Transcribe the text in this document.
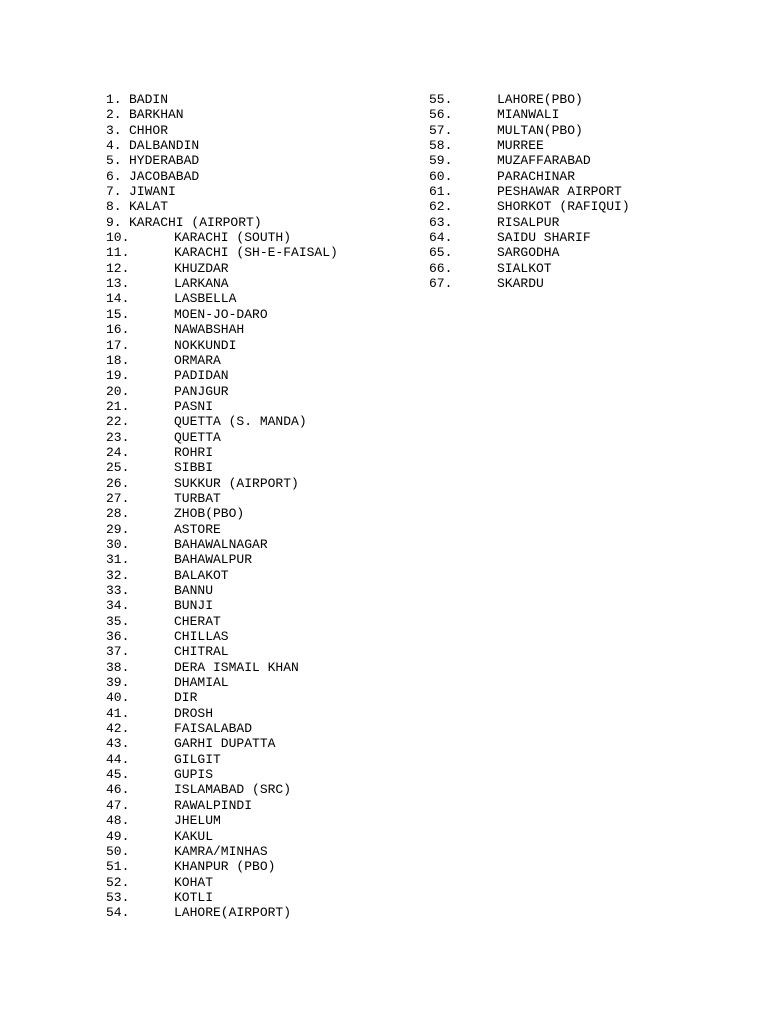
1. BADIN
2. BARKHAN
3. CHHOR
4. DALBANDIN
5. HYDERABAD
6. JACOBABAD
7. JIWANI
8. KALAT
9. KARACHI (AIRPORT)
10.	KARACHI (SOUTH)
11.	KARACHI (SH-E-FAISAL)
12.	KHUZDAR
13.	LARKANA
14.	LASBELLA
15.	MOEN-JO-DARO
16.	NAWABSHAH
17.	NOKKUNDI
18.	ORMARA
19.	PADIDAN
20.	PANJGUR
21.	PASNI
22.	QUETTA (S. MANDA)
23.	QUETTA
24.	ROHRI
25.	SIBBI
26.	SUKKUR (AIRPORT)
27.	TURBAT
28.	ZHOB(PBO)
29.	ASTORE
30.	BAHAWALNAGAR
31.	BAHAWALPUR
32.	BALAKOT
33.	BANNU
34.	BUNJI
35.	CHERAT
36.	CHILLAS
37.	CHITRAL
38.	DERA ISMAIL KHAN
39.	DHAMIAL
40.	DIR
41.	DROSH
42.	FAISALABAD
43.	GARHI DUPATTA
44.	GILGIT
45.	GUPIS
46.	ISLAMABAD (SRC)
47.	RAWALPINDI
48.	JHELUM
49.	KAKUL
50.	KAMRA/MINHAS
51.	KHANPUR (PBO)
52.	KOHAT
53.	KOTLI
54.	LAHORE(AIRPORT)
55.	LAHORE(PBO)
56.	MIANWALI
57.	MULTAN(PBO)
58.	MURREE
59.	MUZAFFARABAD
60.	PARACHINAR
61.	PESHAWAR AIRPORT
62.	SHORKOT (RAFIQUI)
63.	RISALPUR
64.	SAIDU SHARIF
65.	SARGODHA
66.	SIALKOT
67.	SKARDU
